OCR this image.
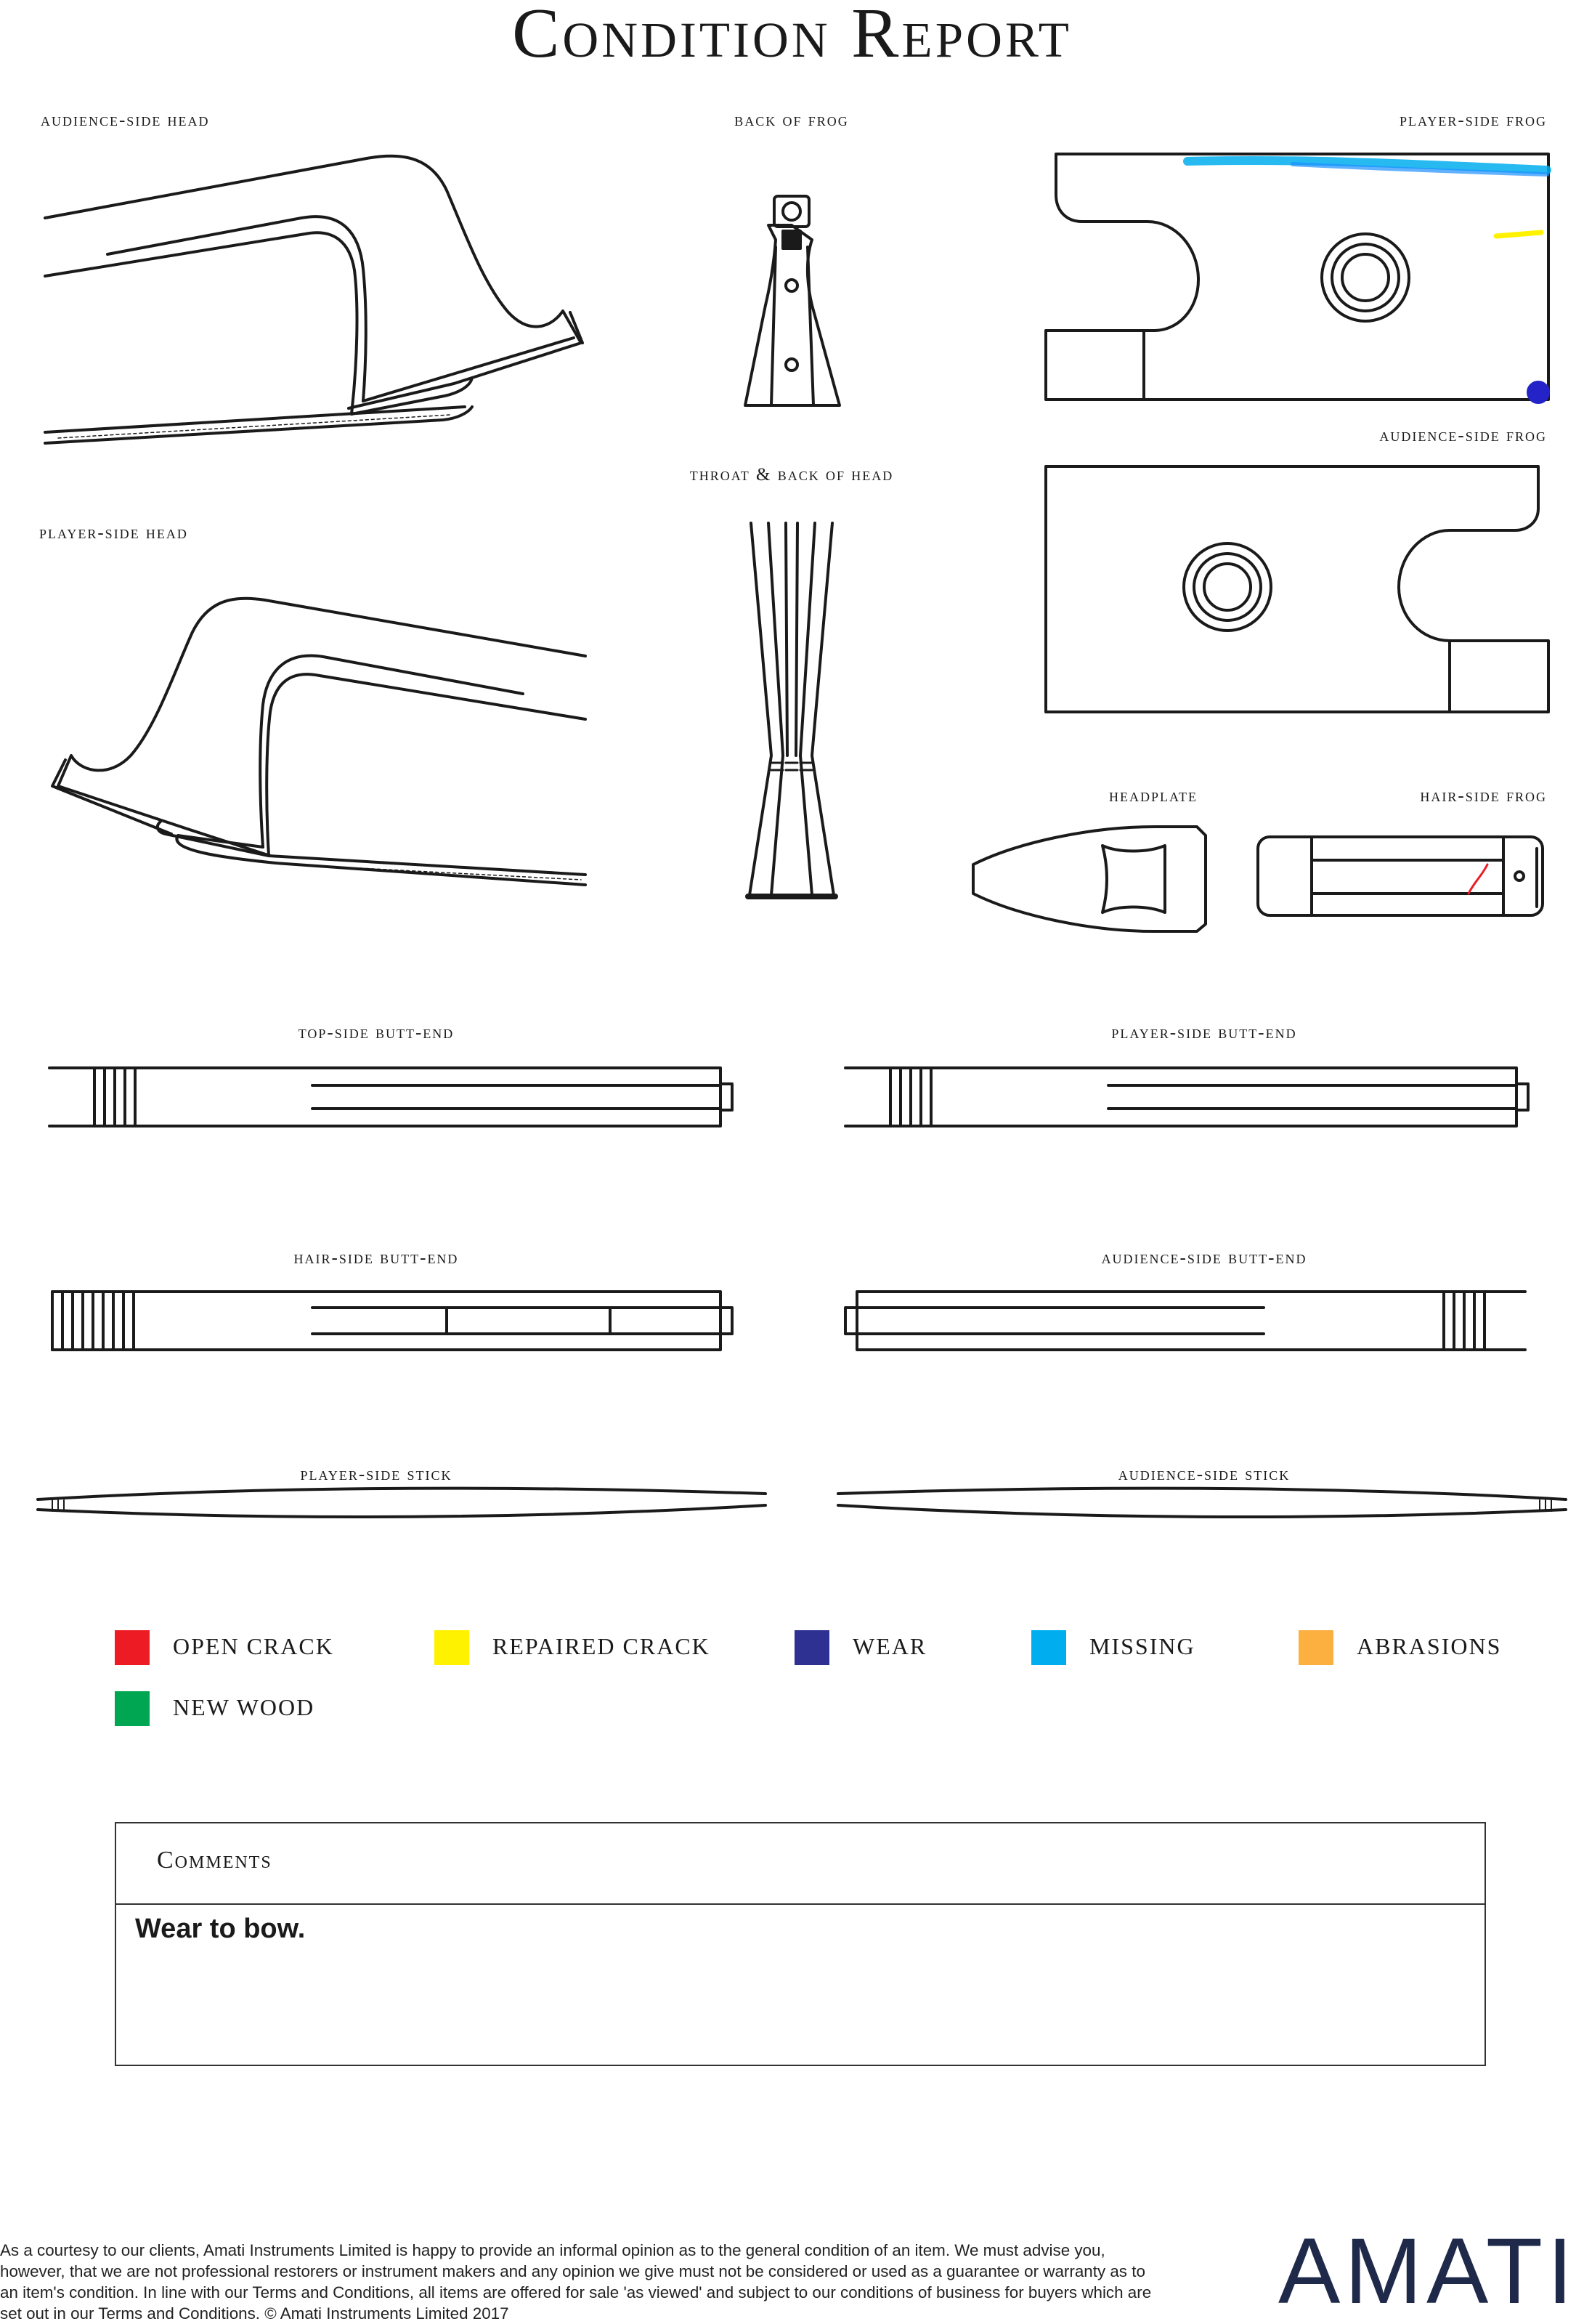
Condition Report
audience-side head	back of frog	player-side frog
throat & back of head
audience-side frog
player-side head
headplate	hair-side frog
top-side butt-end	player-side butt-end
hair-side butt-end	audience-side butt-end
player-side stick	audience-side stick
OPEN CRACK	REPAIRED CRACK	WEAR	MISSING	ABRASIONS
NEW WOOD
Comments
Wear to bow.
As a courtesy to our clients, Amati Instruments Limited is happy to provide an informal opinion as to the general condition of an item. We must advise you, however, that we are not professional restorers or instrument makers and any opinion we give must not be considered or used as a guarantee or warranty as to an item's condition. In line with our Terms and Conditions, all items are offered for sale 'as viewed' and subject to our conditions of business for buyers which are set out in our Terms and Conditions. © Amati Instruments Limited 2017	AMATI
